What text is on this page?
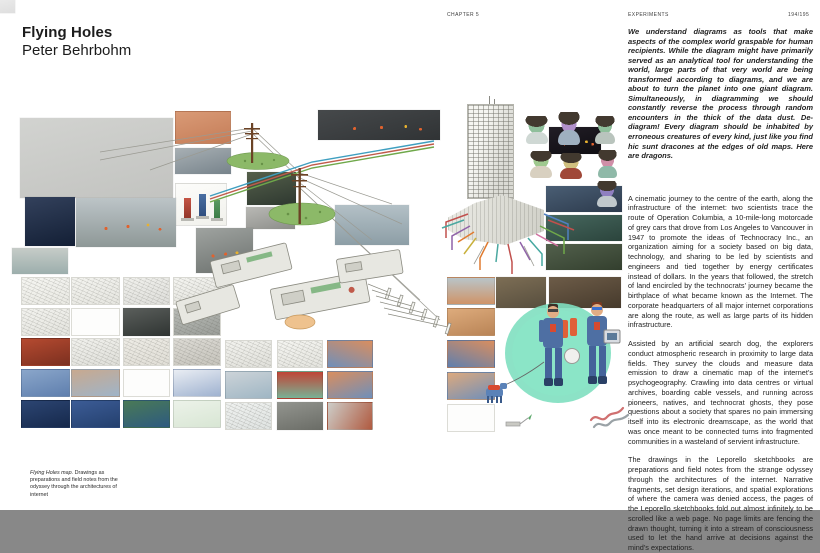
Flying Holes
Peter Behrbohm
Flying Holes map. Drawings as preparations and field notes from the odyssey through the architectures of internet
CHAPTER 5	EXPERIMENTS	194/195

We understand diagrams as tools that make aspects of the complex world graspable for human recipients. While the diagram might have primarily served as an analytical tool for understanding the world, large parts of that very world are being transformed according to diagrams, and we are about to turn the planet into one giant diagram. Simultaneously, in diagramming we should constantly reverse the process through random encounters in the thick of the data dust. De-diagram! Every diagram should be inhabited by erroneous creatures of every kind, just like you find hic sunt dracones at the edges of old maps. Here are dragons.

A cinematic journey to the centre of the earth, along the infrastructure of the internet: two scientists trace the route of Operation Columbia, a 10-mile-long motorcade of grey cars that drove from Los Angeles to Vancouver in 1947 to promote the ideas of Technocracy Inc., an organization aiming for a society based on big data, technology, and sharing to be led by scientists and engineers and tied together by energy certificates instead of dollars. In the years that followed, the stretch of land encircled by the technocrats’ journey became the birthplace of what became known as the Internet. The corporate headquarters of all major internet corporations are along the route, as well as large parts of its hidden infrastructure.

Assisted by an artificial search dog, the explorers conduct atmospheric research in proximity to large data fields. They survey the clouds and measure data emission to draw a cinematic map of the internet’s psychogeography. Crawling into data centres or virtual archives, boarding cable vessels, and running across pioneers, natives, and technocrat ghosts, they pose questions about a society that spares no pain immersing itself into its electronic dreamscape, as the world that was once meant to be connected turns into fragmented communities in a wasteland of servient infrastructure.

The drawings in the Leporello sketchbooks are preparations and field notes from the strange odyssey through the architectures of the internet. Narrative fragments, set design iterations, and spatial explorations of where the camera was denied access, the pages of the Leporello sketchbooks fold out almost infinitely to be scrolled like a web page. No page limits are fencing the drawn thought, turning it into a stream of consciousness used to let the hand arrive at decisions against the mind’s expectations.
